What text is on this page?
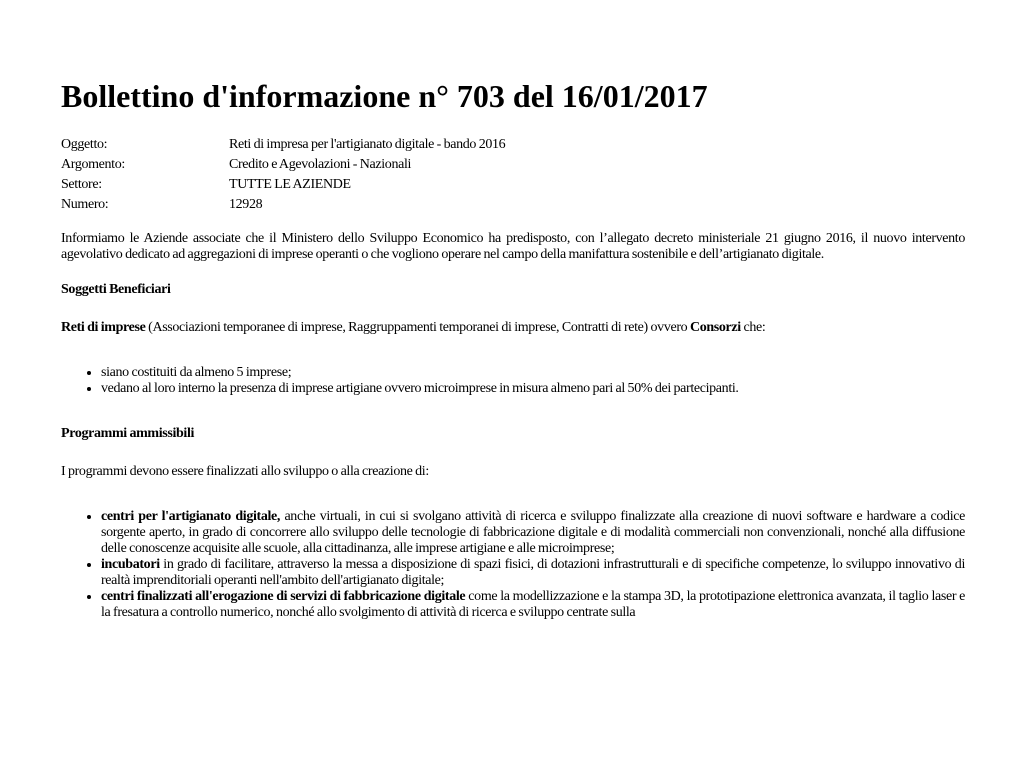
Bollettino d'informazione n° 703 del 16/01/2017
Oggetto:	Reti di impresa per l'artigianato digitale - bando 2016
Argomento:	Credito e Agevolazioni - Nazionali
Settore:	TUTTE LE AZIENDE
Numero:	12928

Informiamo le Aziende associate che il Ministero dello Sviluppo Economico ha predisposto, con l’allegato decreto ministeriale 21 giugno 2016, il nuovo intervento agevolativo dedicato ad aggregazioni di imprese operanti o che vogliono operare nel campo della manifattura sostenibile e dell’artigianato digitale.

Soggetti Beneficiari

Reti di imprese (Associazioni temporanee di imprese, Raggruppamenti temporanei di imprese, Contratti di rete) ovvero Consorzi che:

• siano costituiti da almeno 5 imprese;
• vedano al loro interno la presenza di imprese artigiane ovvero microimprese in misura almeno pari al 50% dei partecipanti.

Programmi ammissibili

I programmi devono essere finalizzati allo sviluppo o alla creazione di:

• centri per l'artigianato digitale, anche virtuali, in cui si svolgano attività di ricerca e sviluppo finalizzate alla creazione di nuovi software e hardware a codice sorgente aperto, in grado di concorrere allo sviluppo delle tecnologie di fabbricazione digitale e di modalità commerciali non convenzionali, nonché alla diffusione delle conoscenze acquisite alle scuole, alla cittadinanza, alle imprese artigiane e alle microimprese;
• incubatori in grado di facilitare, attraverso la messa a disposizione di spazi fisici, di dotazioni infrastrutturali e di specifiche competenze, lo sviluppo innovativo di realtà imprenditoriali operanti nell'ambito dell'artigianato digitale;
• centri finalizzati all'erogazione di servizi di fabbricazione digitale come la modellizzazione e la stampa 3D, la prototipazione elettronica avanzata, il taglio laser e la fresatura a controllo numerico, nonché allo svolgimento di attività di ricerca e sviluppo centrate sulla
